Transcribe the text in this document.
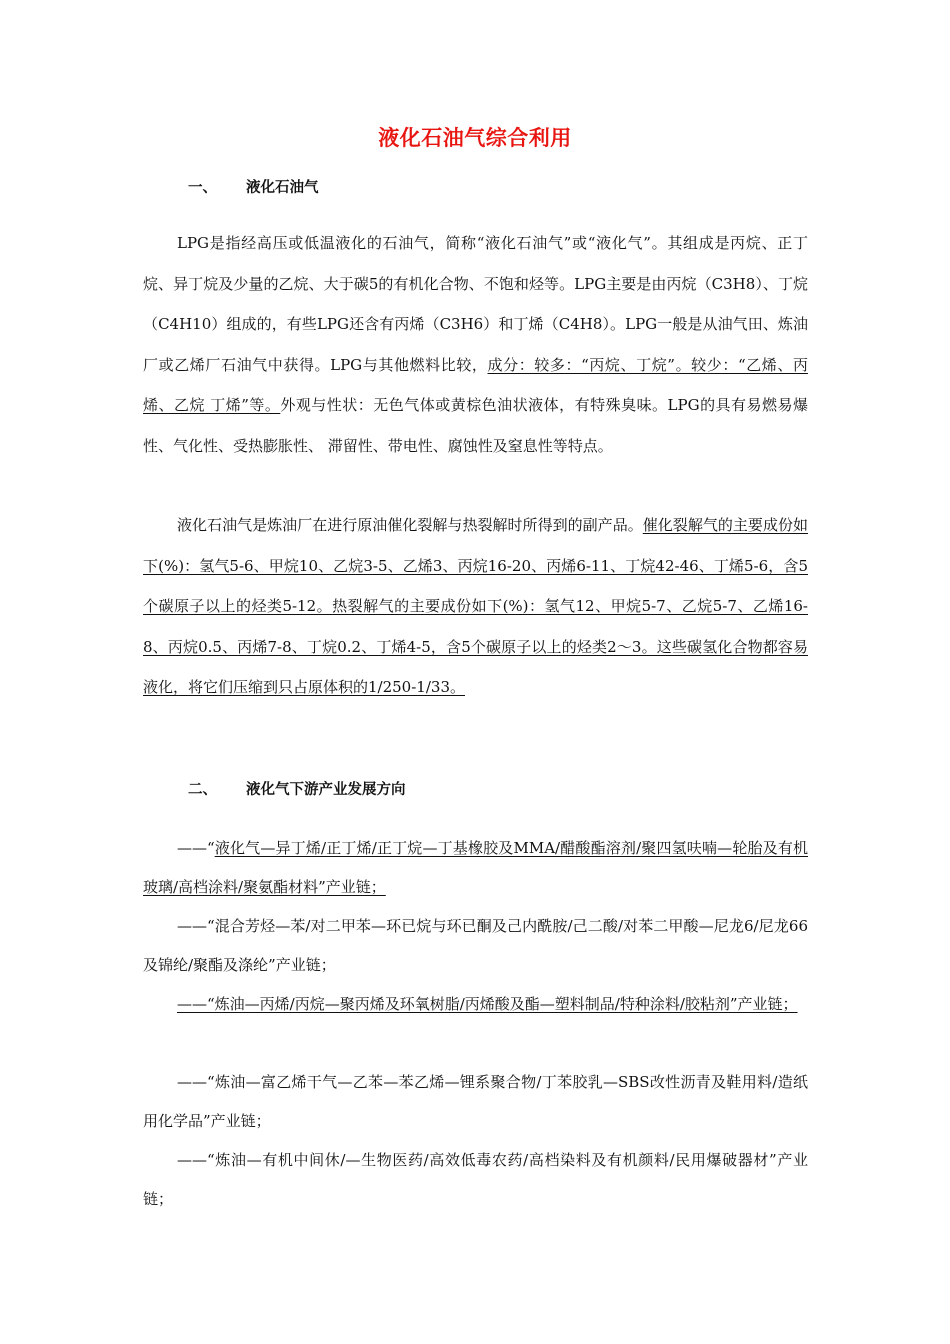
液化石油气综合利用
一、 液化石油气

LPG是指经高压或低温液化的石油气，简称“液化石油气”或“液化气”。其组成是丙烷、正丁烷、异丁烷及少量的乙烷、大于碳5的有机化合物、不饱和烃等。LPG主要是由丙烷（C3H8）、丁烷（C4H10）组成的，有些LPG还含有丙烯（C3H6）和丁烯（C4H8）。LPG一般是从油气田、炼油厂或乙烯厂石油气中获得。LPG与其他燃料比较，成分：较多：“丙烷、丁烷”。较少：“乙烯、丙烯、乙烷 丁烯”等。外观与性状：无色气体或黄棕色油状液体，有特殊臭味。LPG的具有易燃易爆性、气化性、受热膨胀性、 滞留性、带电性、腐蚀性及窒息性等特点。

液化石油气是炼油厂在进行原油催化裂解与热裂解时所得到的副产品。催化裂解气的主要成份如下(%)：氢气5-6、甲烷10、乙烷3-5、乙烯3、丙烷16-20、丙烯6-11、丁烷42-46、丁烯5-6，含5个碳原子以上的烃类5-12。热裂解气的主要成份如下(%)：氢气12、甲烷5-7、乙烷5-7、乙烯16-8、丙烷0.5、丙烯7-8、丁烷0.2、丁烯4-5，含5个碳原子以上的烃类2～3。这些碳氢化合物都容易液化，将它们压缩到只占原体积的1/250-1/33。

二、 液化气下游产业发展方向

——“液化气—异丁烯/正丁烯/正丁烷—丁基橡胶及MMA/醋酸酯溶剂/聚四氢呋喃—轮胎及有机玻璃/高档涂料/聚氨酯材料”产业链；

——“混合芳烃—苯/对二甲苯—环已烷与环已酮及己内酰胺/己二酸/对苯二甲酸—尼龙6/尼龙66及锦纶/聚酯及涤纶”产业链；

——“炼油—丙烯/丙烷—聚丙烯及环氧树脂/丙烯酸及酯—塑料制品/特种涂料/胶粘剂”产业链；

——“炼油—富乙烯干气—乙苯—苯乙烯—锂系聚合物/丁苯胶乳—SBS改性沥青及鞋用料/造纸用化学品”产业链；

——“炼油—有机中间休/—生物医药/高效低毒农药/高档染料及有机颜料/民用爆破器材”产业链；
